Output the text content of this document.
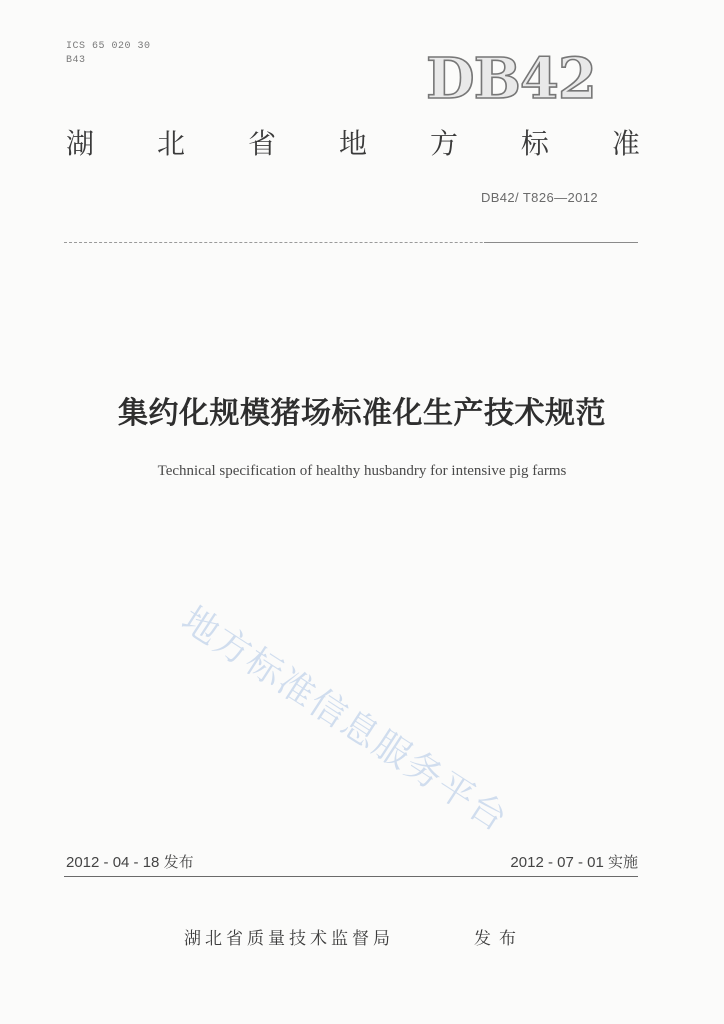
ICS 65 020 30
B43	DB42
湖 北 省 地 方 标 准
DB42/ T826—2012
集约化规模猪场标准化生产技术规范
Technical specification of healthy husbandry for intensive pig farms
地方标准信息服务平台
2012 - 04 - 18 发布	2012 - 07 - 01 实施
湖北省质量技术监督局	发布
